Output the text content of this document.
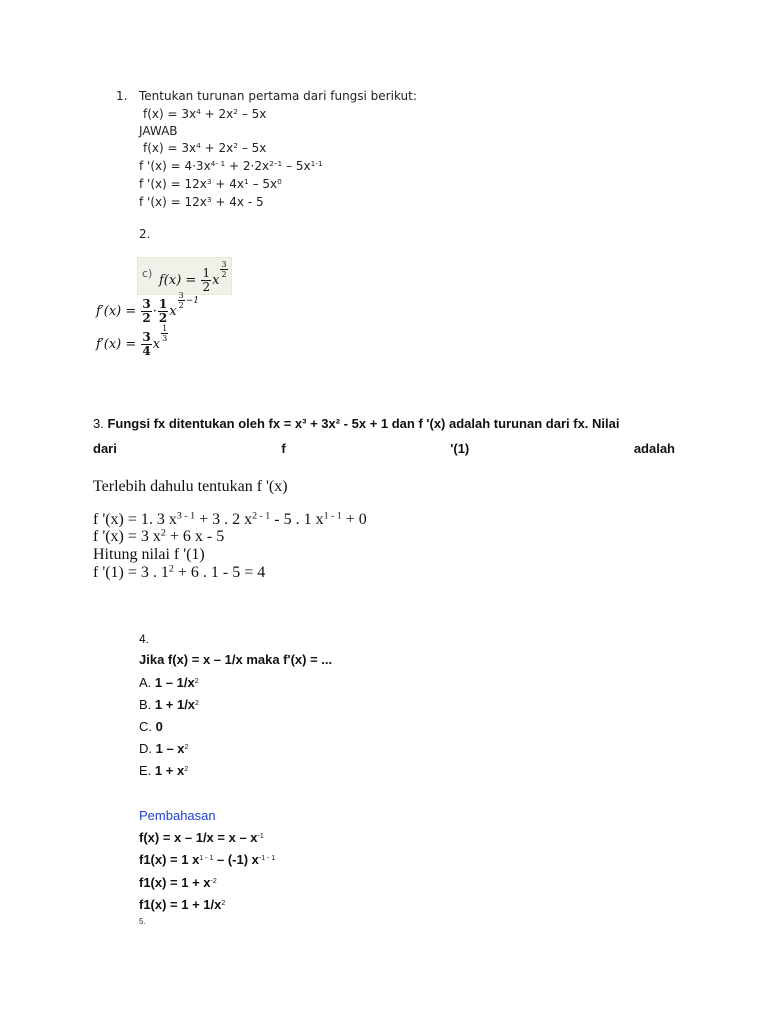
1. Tentukan turunan pertama dari fungsi berikut:
$f(x) = 3x^4 + 2x^2 - 5x$
JAWAB
$f(x) = 3x^4 + 2x^2 - 5x$
f '$(x) = 4\cdot 3x^{4- 1} + 2\cdot 2x^{2-1} - 5x^{1-1}$
f '$(x) = 12x^3 + 4x^1 - 5x^0$
f '$(x) = 12x^3 + 4x - 5$
2.
c) $f(x) = \frac{1}{2}$ x
$\frac{3}{2}$
$f'(x) = \frac{3}{2} \cdot \frac{1}{2}$ x
$\frac{3}{2} -1$
$f'(x) = \frac{3}{4}$ x
$\frac{1}{3}$
3. Fungsi fx ditentukan oleh fx = x³ + 3x² - 5x + 1 dan f '(x) adalah turunan dari fx. Nilai
dari	f	'(1)	adalah
Terlebih dahulu tentukan f '(x)
f '(x) = 1. 3 $x^{3 - 1} + 3$ . 2 $x^{2 - 1} - 5$ . 1 $x^{1 - 1} + 0$
f '(x) = 3 $x^2 + 6$ x - 5
Hitung nilai f '(1)
f '(1) = 3 . $1^2 + 6$ . 1 - 5 = 4
4.
Jika f(x) = x – 1/x maka f'(x) = ...
A. $1 - 1/x^2$
B. $1 + 1/x^2$
C. 0
D. $1 - x^2$
E. $1 + x^2$
Pembahasan
$f(x) = x - 1/x = x - x^{-1}$
f1(x) = 1 $x^{1 - 1} - (-1)$ $x^{-1 - 1}$
$f1(x) = 1 + x^{-2}$
$f1(x) = 1 + 1/x^2$
5.
